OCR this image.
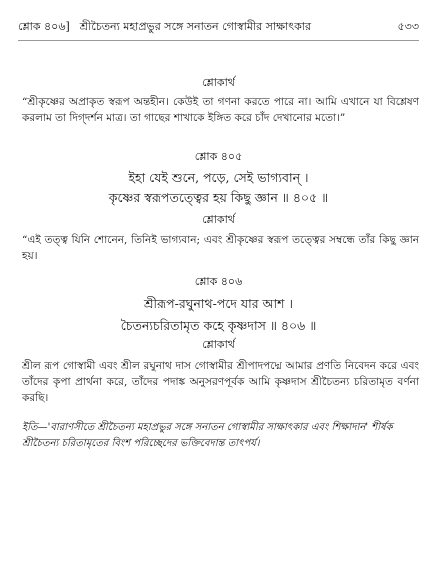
শ্লোক ৪০৬] শ্রীচৈতন্য মহাপ্রভুর সঙ্গে সনাতন গোস্বামীর সাক্ষাৎকার	৫৩৩
শ্লোকার্থ
“শ্রীকৃষ্ণের অপ্রাকৃত স্বরূপ অন্তহীন। কেউই তা গণনা করতে পারে না। আমি এখানে যা বিশ্লেষণ করলাম তা দিগ্‌দর্শন মাত্র। তা গাছের শাখাকে ইঙ্গিত করে চাঁদ দেখানোর মতো।”
শ্লোক ৪০৫
ইহা যেই শুনে, পড়ে, সেই ভাগ্যবান্‌ ।
কৃষ্ণের স্বরূপতত্ত্বের হয় কিছু জ্ঞান ॥ ৪০৫ ॥
শ্লোকার্থ
“এই তত্ত্ব যিনি শোনেন, তিনিই ভাগ্যবান; এবং শ্রীকৃষ্ণের স্বরূপ তত্ত্বের সম্বন্ধে তাঁর কিছু জ্ঞান হয়।
শ্লোক ৪০৬
শ্রীরূপ-রঘুনাথ-পদে যার আশ ।
চৈতন্যচরিতামৃত কহে কৃষ্ণদাস ॥ ৪০৬ ॥
শ্লোকার্থ
শ্রীল রূপ গোস্বামী এবং শ্রীল রঘুনাথ দাস গোস্বামীর শ্রীপাদপদ্মে আমার প্রণতি নিবেদন করে এবং তাঁদের কৃপা প্রার্থনা করে, তাঁদের পদাঙ্ক অনুসরণপূর্বক আমি কৃষ্ণদাস শ্রীচৈতন্য চরিতামৃত বর্ণনা করছি।
ইতি—'বারাণসীতে শ্রীচৈতন্য মহাপ্রভুর সঙ্গে সনাতন গোস্বামীর সাক্ষাৎকার এবং শিক্ষাদান' শীর্ষক শ্রীচৈতন্য চরিতামৃতের বিংশ পরিচ্ছেদের ভক্তিবেদান্ত তাৎপর্য।
